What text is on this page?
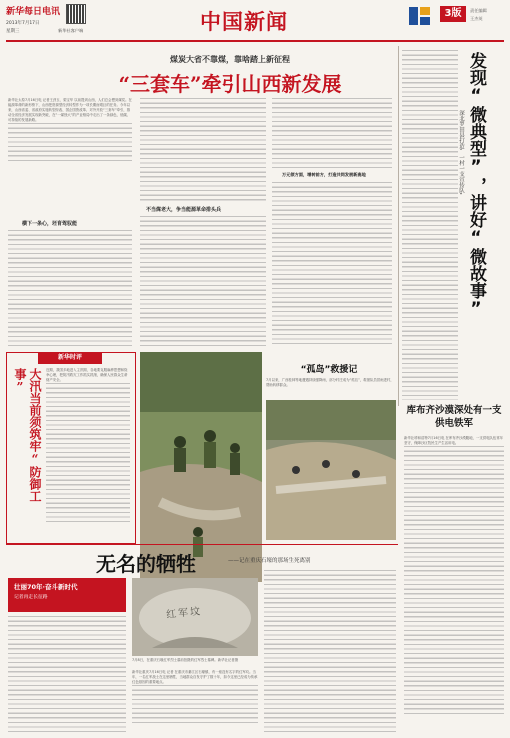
新华每日电讯
2013年7月17日
星期三	新华社客户端	中国新闻	3版	责任编辑
王杰英
煤炭大省不靠煤，靠啥踏上新征程
“三套车”牵引山西新发展

新华社太原7月16日电 记者王劲玉、梁宝华 以前提到山西，人们总会想到煤炭。在能源革命的新形势下，山西把资源型经济转型作为一项长期而艰巨的任务。今年以来，山西省委、省政府实施转型综改、国企国资改革、对外开放“三套车”牵引，推动全省经济发展实现新突破，在“一煤独大”的产业格局中走出了一条绿色、低碳、可持续的发展新路。

横下一条心，坯育驾驭能
不当煤老大，争当能源革命排头兵
万元领方面，增转前方，打造共同发展新高地	发现“微典型”，讲好“微故事”
深北罗田县打造“一村一支宣传队”
库布齐沙漠深处有一支供电铁军

新华社呼和浩特7月16日电 在库布齐沙漠腹地，一支供电队伍常年坚守，保障沙区牧民生产生活用电。

新华时评
大汛当前须筑牢“防御工事”	近期，我国多地进入主汛期，各地要克服麻痹思想和侥幸心理，把防汛救灾工作抓实抓细，确保人民群众生命财产安全。

“孤岛”救援记

7月以来，广西桂林等地遭遇持续强降雨，部分村庄成为“孤岛”，救援队员冒雨进村，帮助转移群众。

无名的牺牲	——记在重庆石壕的那场生死离别
壮丽70年·奋斗新时代
记者再走长征路
红军坟

7月8日，在重庆石壕红军烈士墓前拍摄的红军烈士墓碑。新华社记者摄

新华社重庆7月16日电 记者 在重庆市綦江区石壕镇，有一座没有名字的红军坟。当年，一名红军战士在这里牺牲，当地群众自发守护了数十年，如今这里已经成为传承红色基因的重要地点。
